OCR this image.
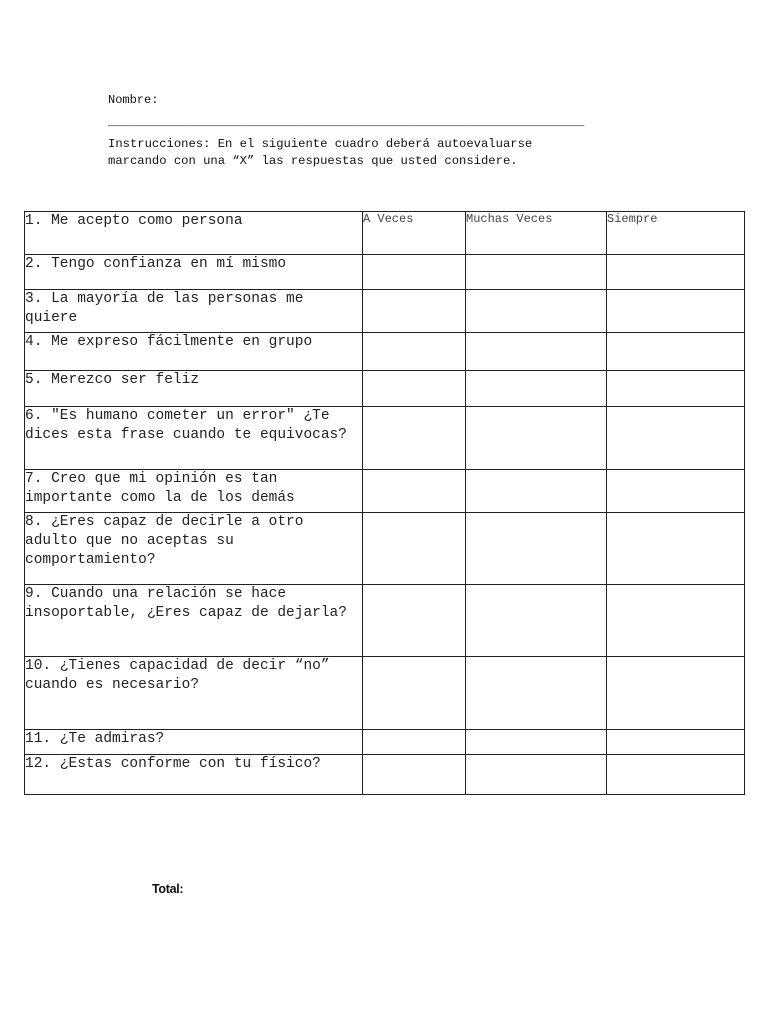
Nombre:
____________________________________________________________________
Instrucciones: En el siguiente cuadro deberá autoevaluarse
marcando con una “X” las respuestas que usted considere.
1. Me acepto como persona	A Veces	Muchas Veces	Siempre
2. Tengo confianza en mí mismo			
3. La mayoría de las personas me quiere			
4. Me expreso fácilmente en grupo			
5. Merezco ser feliz			
6. "Es humano cometer un error" ¿Te dices esta frase cuando te equivocas?			
7. Creo que mi opinión es tan importante como la de los demás			
8. ¿Eres capaz de decirle a otro adulto que no aceptas su comportamiento?			
9. Cuando una relación se hace insoportable, ¿Eres capaz de dejarla?			
10. ¿Tienes capacidad de decir “no” cuando es necesario?			
11. ¿Te admiras?			
12. ¿Estas conforme con tu físico?			
Total:
